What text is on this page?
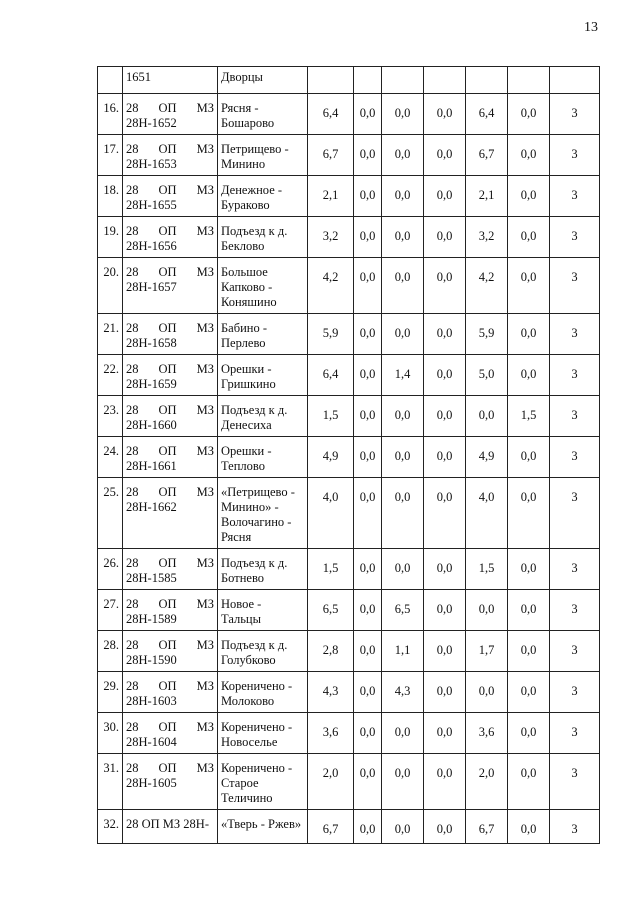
13
	1651	Дворцы							
16.	28 ОП МЗ 28Н-1652	Рясня -
Бошарово	6,4	0,0	0,0	0,0	6,4	0,0	3
17.	28 ОП МЗ 28Н-1653	Петрищево -
Минино	6,7	0,0	0,0	0,0	6,7	0,0	3
18.	28 ОП МЗ 28Н-1655	Денежное -
Бураково	2,1	0,0	0,0	0,0	2,1	0,0	3
19.	28 ОП МЗ 28Н-1656	Подъезд к д.
Беклово	3,2	0,0	0,0	0,0	3,2	0,0	3
20.	28 ОП МЗ 28Н-1657	Большое
Капково -
Коняшино	4,2	0,0	0,0	0,0	4,2	0,0	3
21.	28 ОП МЗ 28Н-1658	Бабино -
Перлево	5,9	0,0	0,0	0,0	5,9	0,0	3
22.	28 ОП МЗ 28Н-1659	Орешки -
Гришкино	6,4	0,0	1,4	0,0	5,0	0,0	3
23.	28 ОП МЗ 28Н-1660	Подъезд к д.
Денесиха	1,5	0,0	0,0	0,0	0,0	1,5	3
24.	28 ОП МЗ 28Н-1661	Орешки -
Теплово	4,9	0,0	0,0	0,0	4,9	0,0	3
25.	28 ОП МЗ 28Н-1662	«Петрищево -
Минино» -
Волочагино -
Рясня	4,0	0,0	0,0	0,0	4,0	0,0	3
26.	28 ОП МЗ 28Н-1585	Подъезд к д.
Ботнево	1,5	0,0	0,0	0,0	1,5	0,0	3
27.	28 ОП МЗ 28Н-1589	Новое -
Тальцы	6,5	0,0	6,5	0,0	0,0	0,0	3
28.	28 ОП МЗ 28Н-1590	Подъезд к д.
Голубково	2,8	0,0	1,1	0,0	1,7	0,0	3
29.	28 ОП МЗ 28Н-1603	Кореничено -
Молоково	4,3	0,0	4,3	0,0	0,0	0,0	3
30.	28 ОП МЗ 28Н-1604	Кореничено -
Новоселье	3,6	0,0	0,0	0,0	3,6	0,0	3
31.	28 ОП МЗ 28Н-1605	Кореничено -
Старое
Теличино	2,0	0,0	0,0	0,0	2,0	0,0	3
32.	28 ОП МЗ 28Н-	«Тверь - Ржев»	6,7	0,0	0,0	0,0	6,7	0,0	3
